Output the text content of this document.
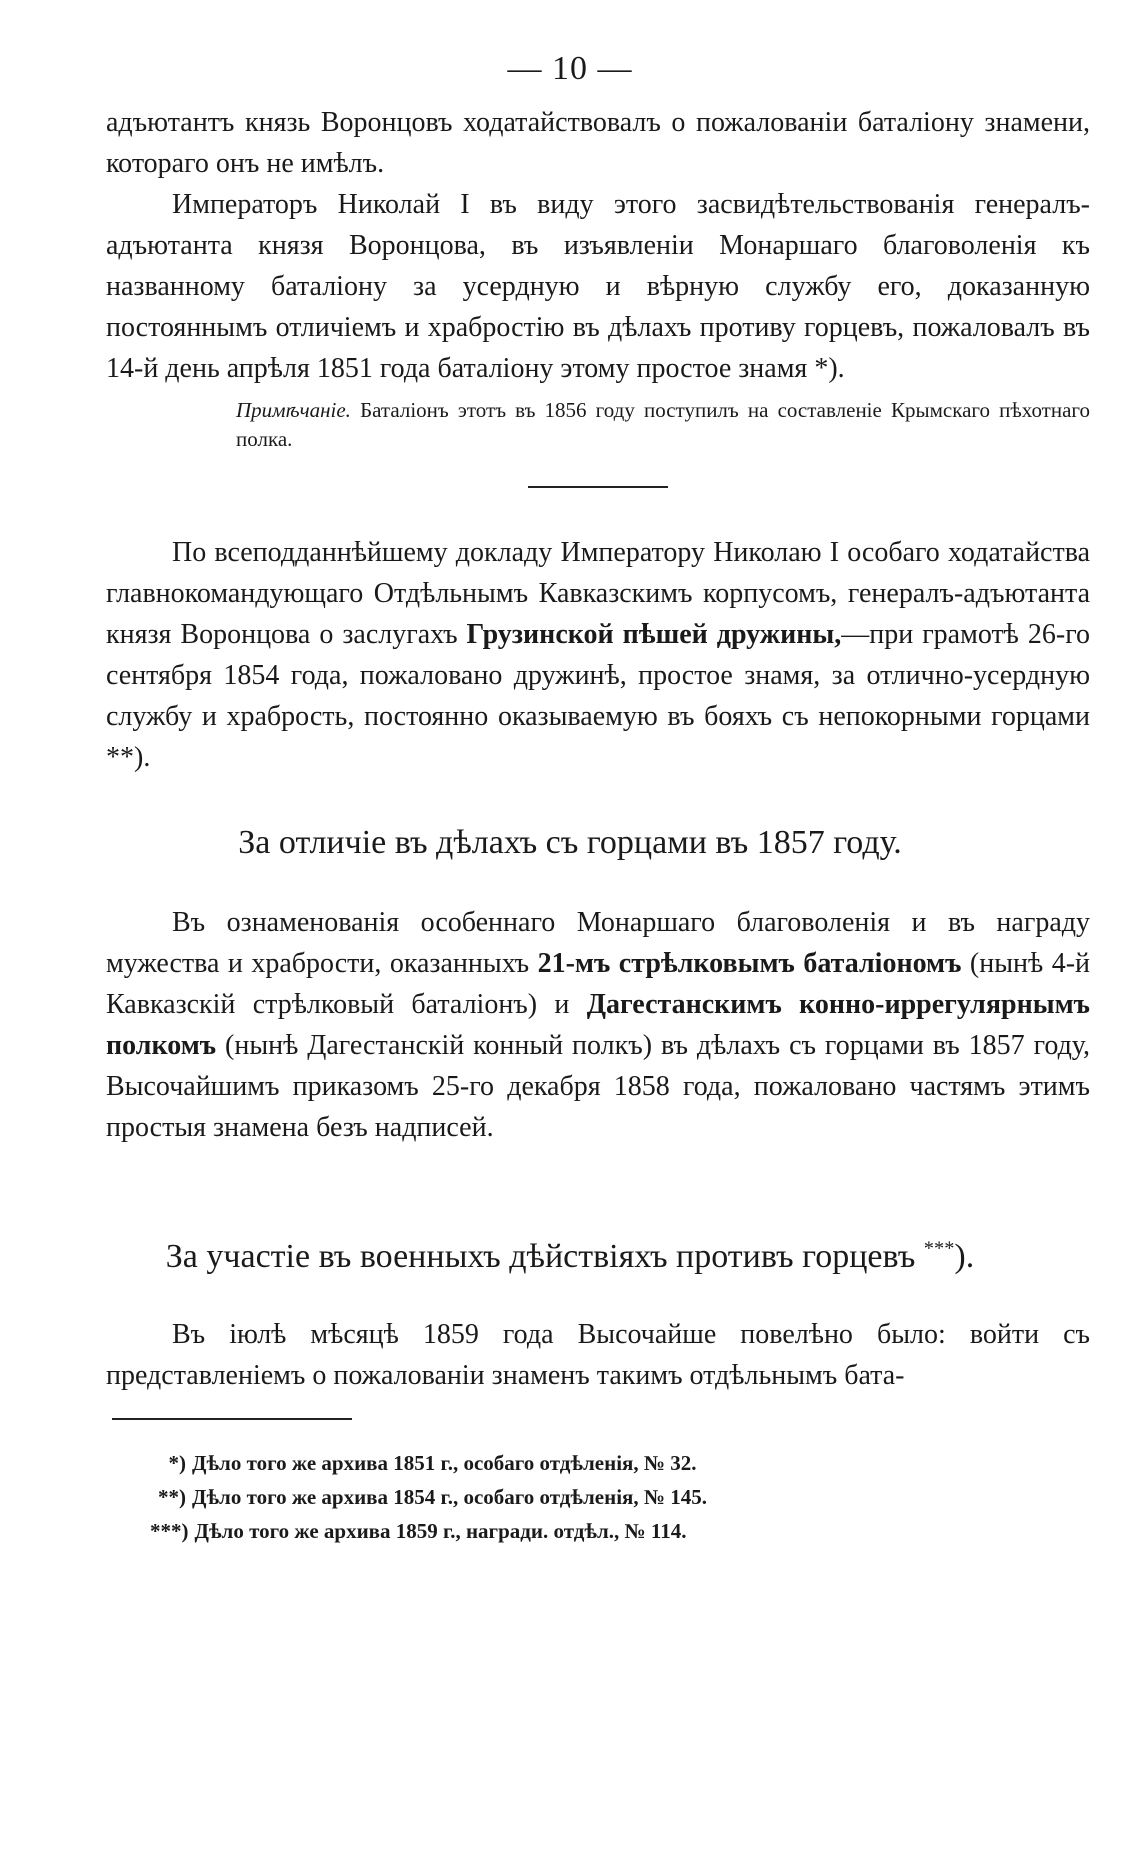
— 10 —

адъютантъ князь Воронцовъ ходатайствовалъ о пожалованіи баталіону знамени, котораго онъ не имѣлъ.

Императоръ Николай I въ виду этого засвидѣтельствованія генералъ-адъютанта князя Воронцова, въ изъявленіи Монаршаго благоволенія къ названному баталіону за усердную и вѣрную службу его, доказанную постояннымъ отличіемъ и храбростію въ дѣлахъ противу горцевъ, пожаловалъ въ 14-й день апрѣля 1851 года баталіону этому простое знамя *).

Примѣчаніе. Баталіонъ этотъ въ 1856 году поступилъ на составленіе Крымскаго пѣхотнаго полка.

По всеподданнѣйшему докладу Императору Николаю I особаго ходатайства главнокомандующаго Отдѣльнымъ Кавказскимъ корпусомъ, генералъ-адъютанта князя Воронцова о заслугахъ Грузинской пѣшей дружины,—при грамотѣ 26-го сентября 1854 года, пожаловано дружинѣ, простое знамя, за отлично-усердную службу и храбрость, постоянно оказываемую въ бояхъ съ непокорными горцами **).

За отличіе въ дѣлахъ съ горцами въ 1857 году.

Въ ознаменованія особеннаго Монаршаго благоволенія и въ награду мужества и храбрости, оказанныхъ 21-мъ стрѣлковымъ баталіономъ (нынѣ 4-й Кавказскій стрѣлковый баталіонъ) и Дагестанскимъ конно-иррегулярнымъ полкомъ (нынѣ Дагестанскій конный полкъ) въ дѣлахъ съ горцами въ 1857 году, Высочайшимъ приказомъ 25-го декабря 1858 года, пожаловано частямъ этимъ простыя знамена безъ надписей.

За участіе въ военныхъ дѣйствіяхъ противъ горцевъ ***).

Въ іюлѣ мѣсяцѣ 1859 года Высочайше повелѣно было: войти съ представленіемъ о пожалованіи знаменъ такимъ отдѣльнымъ бата-

*) Дѣло того же архива 1851 г., особаго отдѣленія, № 32.

**) Дѣло того же архива 1854 г., особаго отдѣленія, № 145.

***) Дѣло того же архива 1859 г., награди. отдѣл., № 114.
